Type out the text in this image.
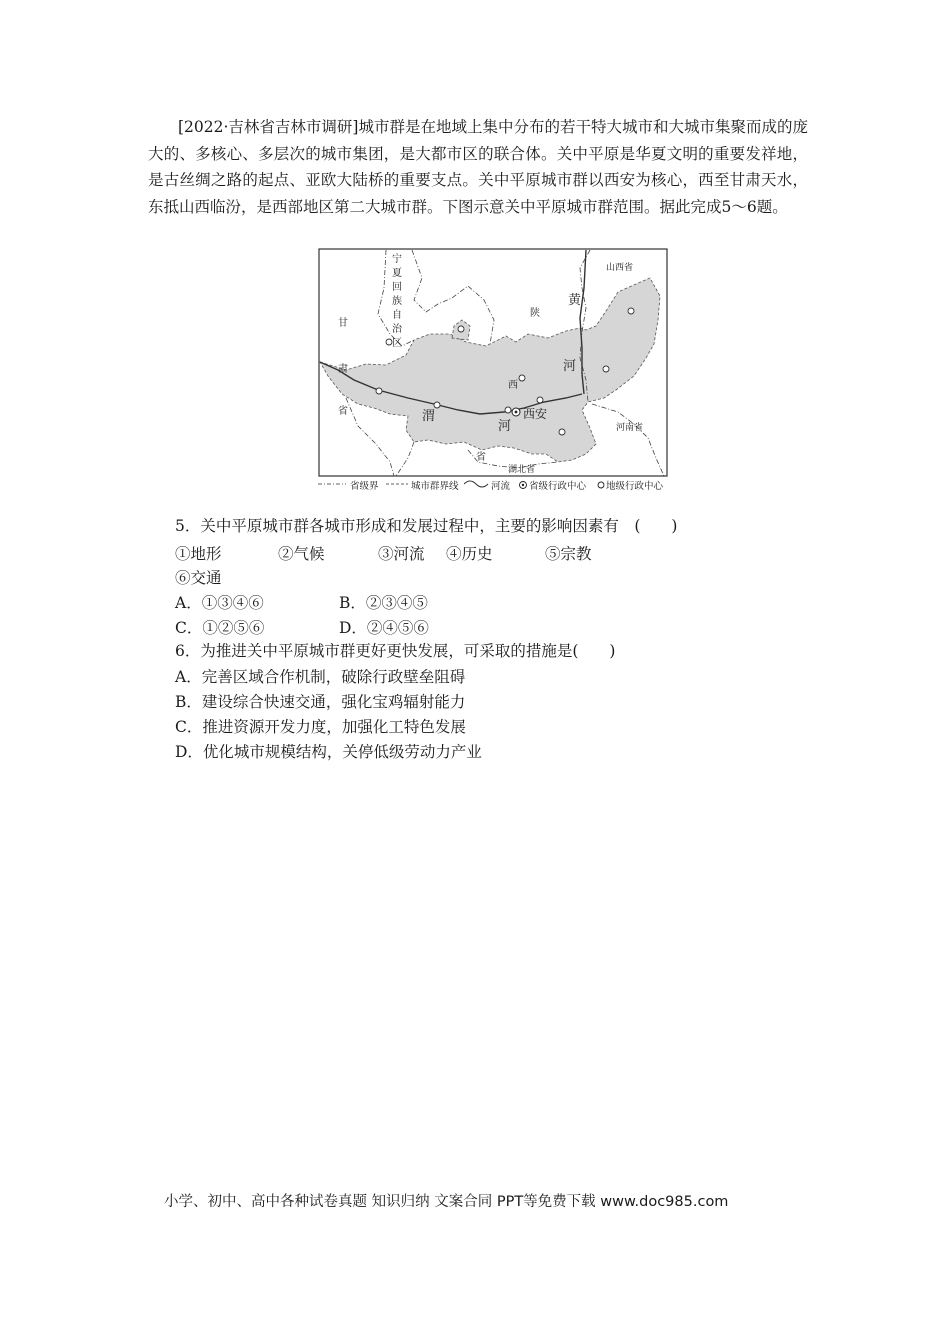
[2022·吉林省吉林市调研]城市群是在地域上集中分布的若干特大城市和大城市集聚而成的庞大的、多核心、多层次的城市集团，是大都市区的联合体。关中平原是华夏文明的重要发祥地，是古丝绸之路的起点、亚欧大陆桥的重要支点。关中平原城市群以西安为核心，西至甘肃天水，东抵山西临汾，是西部地区第二大城市群。下图示意关中平原城市群范围。据此完成5～6题。
宁
夏
回
族
自
治
区
山西省
陕
西
省
黄
河
甘
肃
省	渭
河
西安
河南省
湖北省
省级界	城市群界线	河流 省级行政中心 地级行政中心
5．关中平原城市群各城市形成和发展过程中，主要的影响因素有　(　　)
①地形	②气候	③河流 ④历史	⑤宗教
⑥交通
A．①③④⑥	B．②③④⑤
C．①②⑤⑥	D．②④⑤⑥
6．为推进关中平原城市群更好更快发展，可采取的措施是(　　)
A．完善区域合作机制，破除行政壁垒阻碍
B．建设综合快速交通，强化宝鸡辐射能力
C．推进资源开发力度，加强化工特色发展
D．优化城市规模结构，关停低级劳动力产业
小学、初中、高中各种试卷真题 知识归纳 文案合同 PPT等免费下载 www.doc985.com
